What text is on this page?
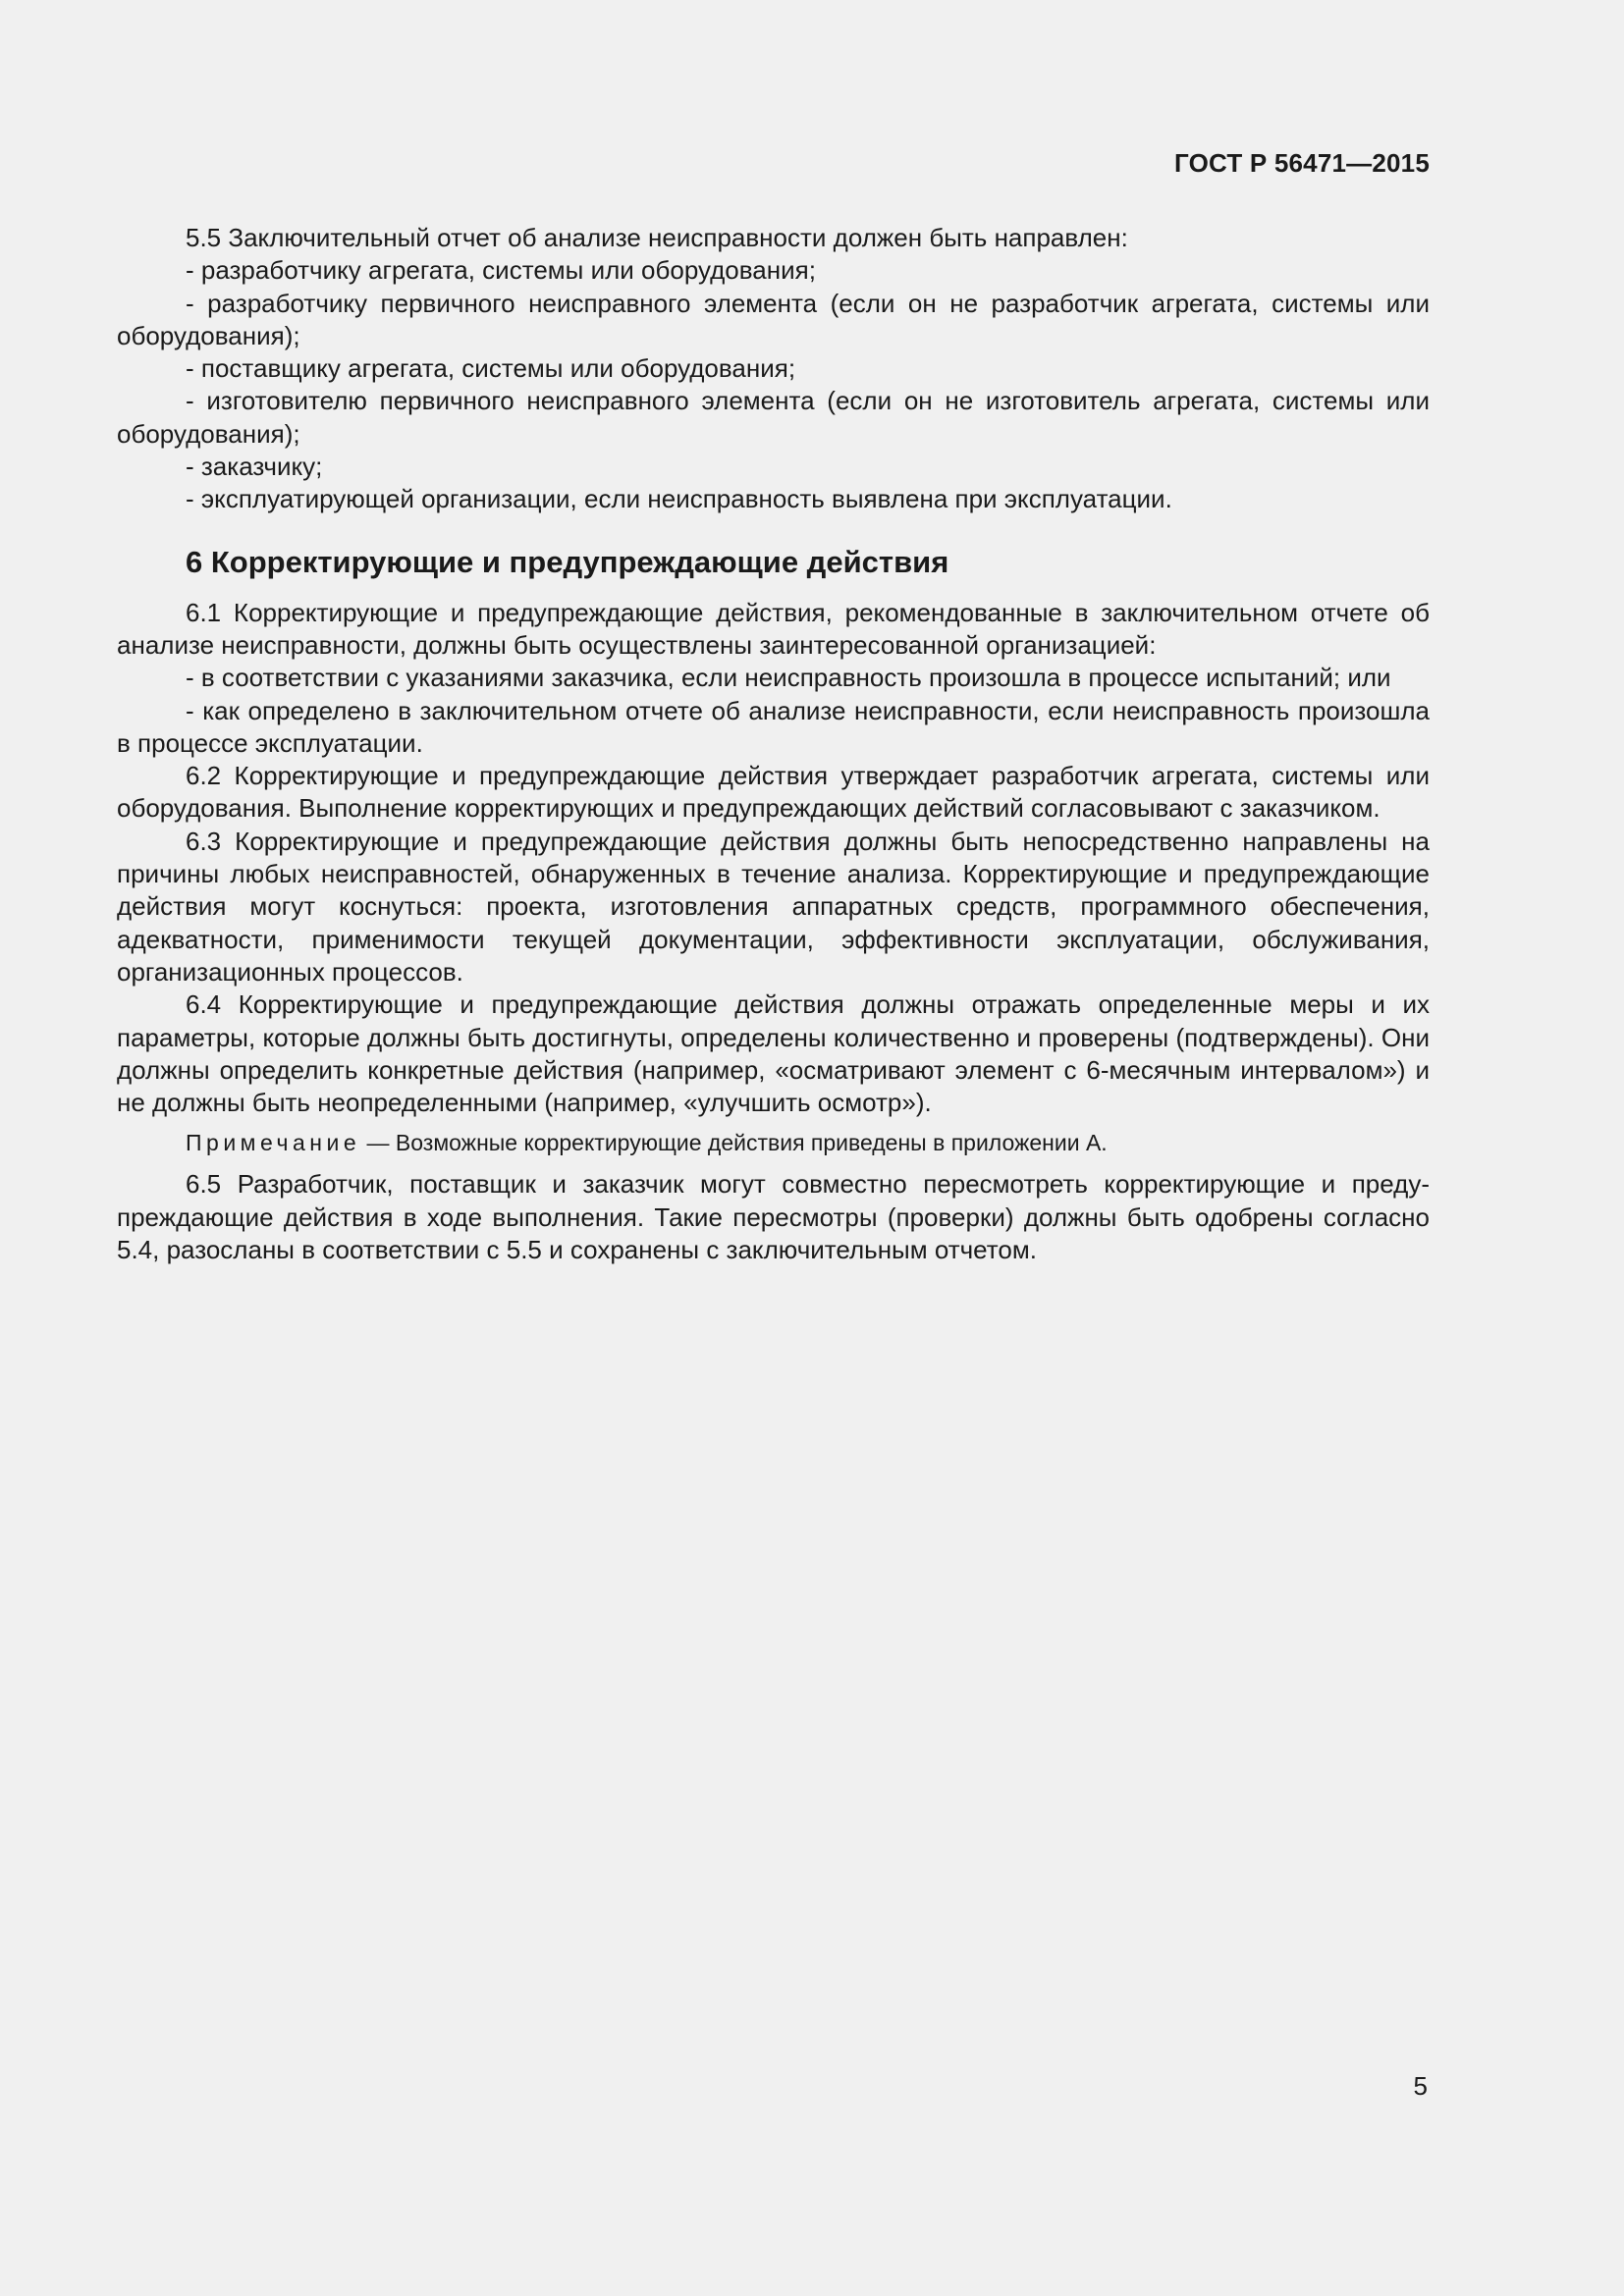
ГОСТ Р 56471—2015

5.5 Заключительный отчет об анализе неисправности должен быть направлен:

- разработчику агрегата, системы или оборудования;

- разработчику первичного неисправного элемента (если он не разработчик агрегата, системы или оборудования);

- поставщику агрегата, системы или оборудования;

- изготовителю первичного неисправного элемента (если он не изготовитель агрегата, системы или оборудования);

- заказчику;

- эксплуатирующей организации, если неисправность выявлена при эксплуатации.

6 Корректирующие и предупреждающие действия

6.1 Корректирующие и предупреждающие действия, рекомендованные в заключительном отчете об анализе неисправности, должны быть осуществлены заинтересованной организацией:

- в соответствии с указаниями заказчика, если неисправность произошла в процессе испытаний; или

- как определено в заключительном отчете об анализе неисправности, если неисправность произошла в процессе эксплуатации.

6.2 Корректирующие и предупреждающие действия утверждает разработчик агрегата, системы или оборудования. Выполнение корректирующих и предупреждающих действий согласовывают с заказчиком.

6.3 Корректирующие и предупреждающие действия должны быть непосредственно направлены на причины любых неисправностей, обнаруженных в течение анализа. Корректирующие и предупреждающие действия могут коснуться: проекта, изготовления аппаратных средств, программного обеспечения, адекватности, применимости текущей документации, эффективности эксплуатации, обслуживания, организационных процессов.

6.4 Корректирующие и предупреждающие действия должны отражать определенные меры и их параметры, которые должны быть достигнуты, определены количественно и проверены (подтверждены). Они должны определить конкретные действия (например, «осматривают элемент с 6-месячным интервалом») и не должны быть неопределенными (например, «улучшить осмотр»).

Примечание — Возможные корректирующие действия приведены в приложении А.

6.5 Разработчик, поставщик и заказчик могут совместно пересмотреть корректирующие и предупреждающие действия в ходе выполнения. Такие пересмотры (проверки) должны быть одобрены согласно 5.4, разосланы в соответствии с 5.5 и сохранены с заключительным отчетом.

5
